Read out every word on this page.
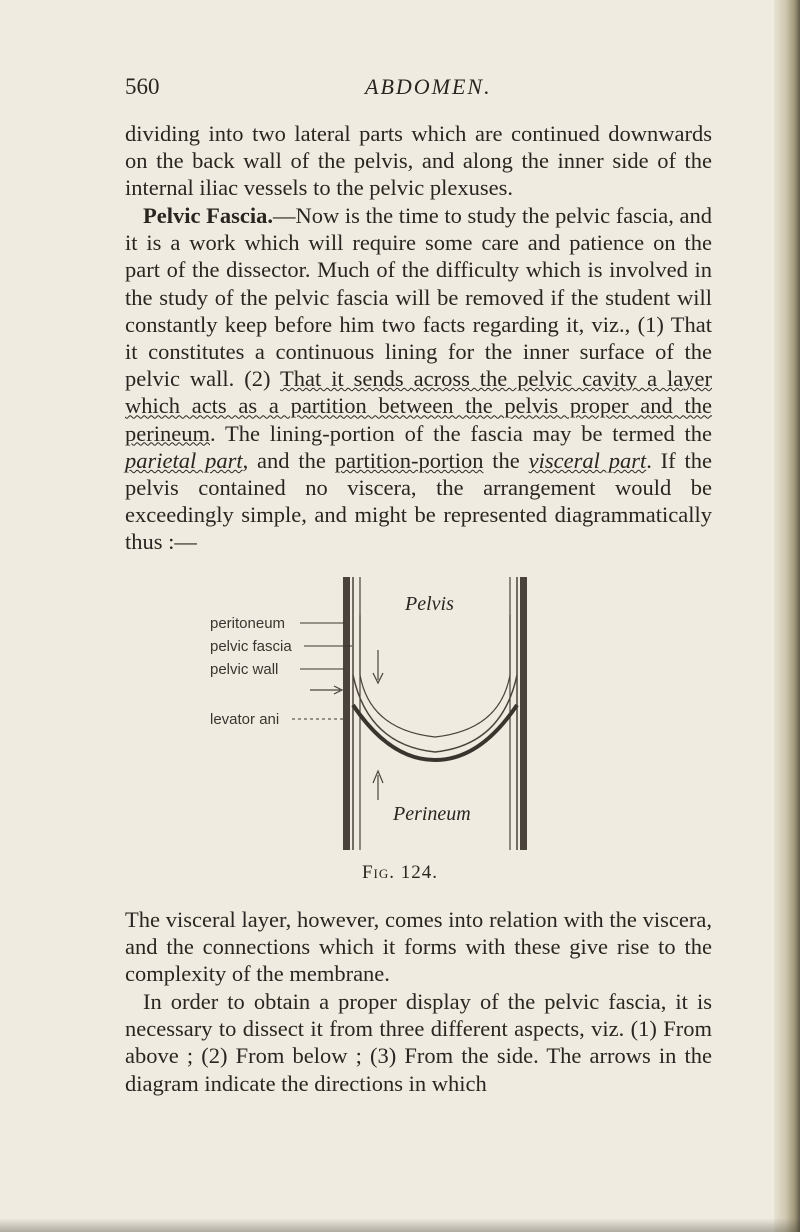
560	ABDOMEN.

dividing into two lateral parts which are continued downwards on the back wall of the pelvis, and along the inner side of the internal iliac vessels to the pelvic plexuses.

Pelvic Fascia.—Now is the time to study the pelvic fascia, and it is a work which will require some care and patience on the part of the dissector. Much of the difficulty which is involved in the study of the pelvic fascia will be removed if the student will constantly keep before him two facts regarding it, viz., (1) That it constitutes a continuous lining for the inner surface of the pelvic wall. (2) That it sends across the pelvic cavity a layer which acts as a partition between the pelvis proper and the perineum. The lining-portion of the fascia may be termed the parietal part, and the partition-portion the visceral part. If the pelvis contained no viscera, the arrangement would be exceedingly simple, and might be represented diagrammatically thus :—

peritoneum
pelvic fascia
pelvic wall
levator ani
Pelvis
Perineum
Fig. 124.

The visceral layer, however, comes into relation with the viscera, and the connections which it forms with these give rise to the complexity of the membrane.

In order to obtain a proper display of the pelvic fascia, it is necessary to dissect it from three different aspects, viz. (1) From above ; (2) From below ; (3) From the side. The arrows in the diagram indicate the directions in which
